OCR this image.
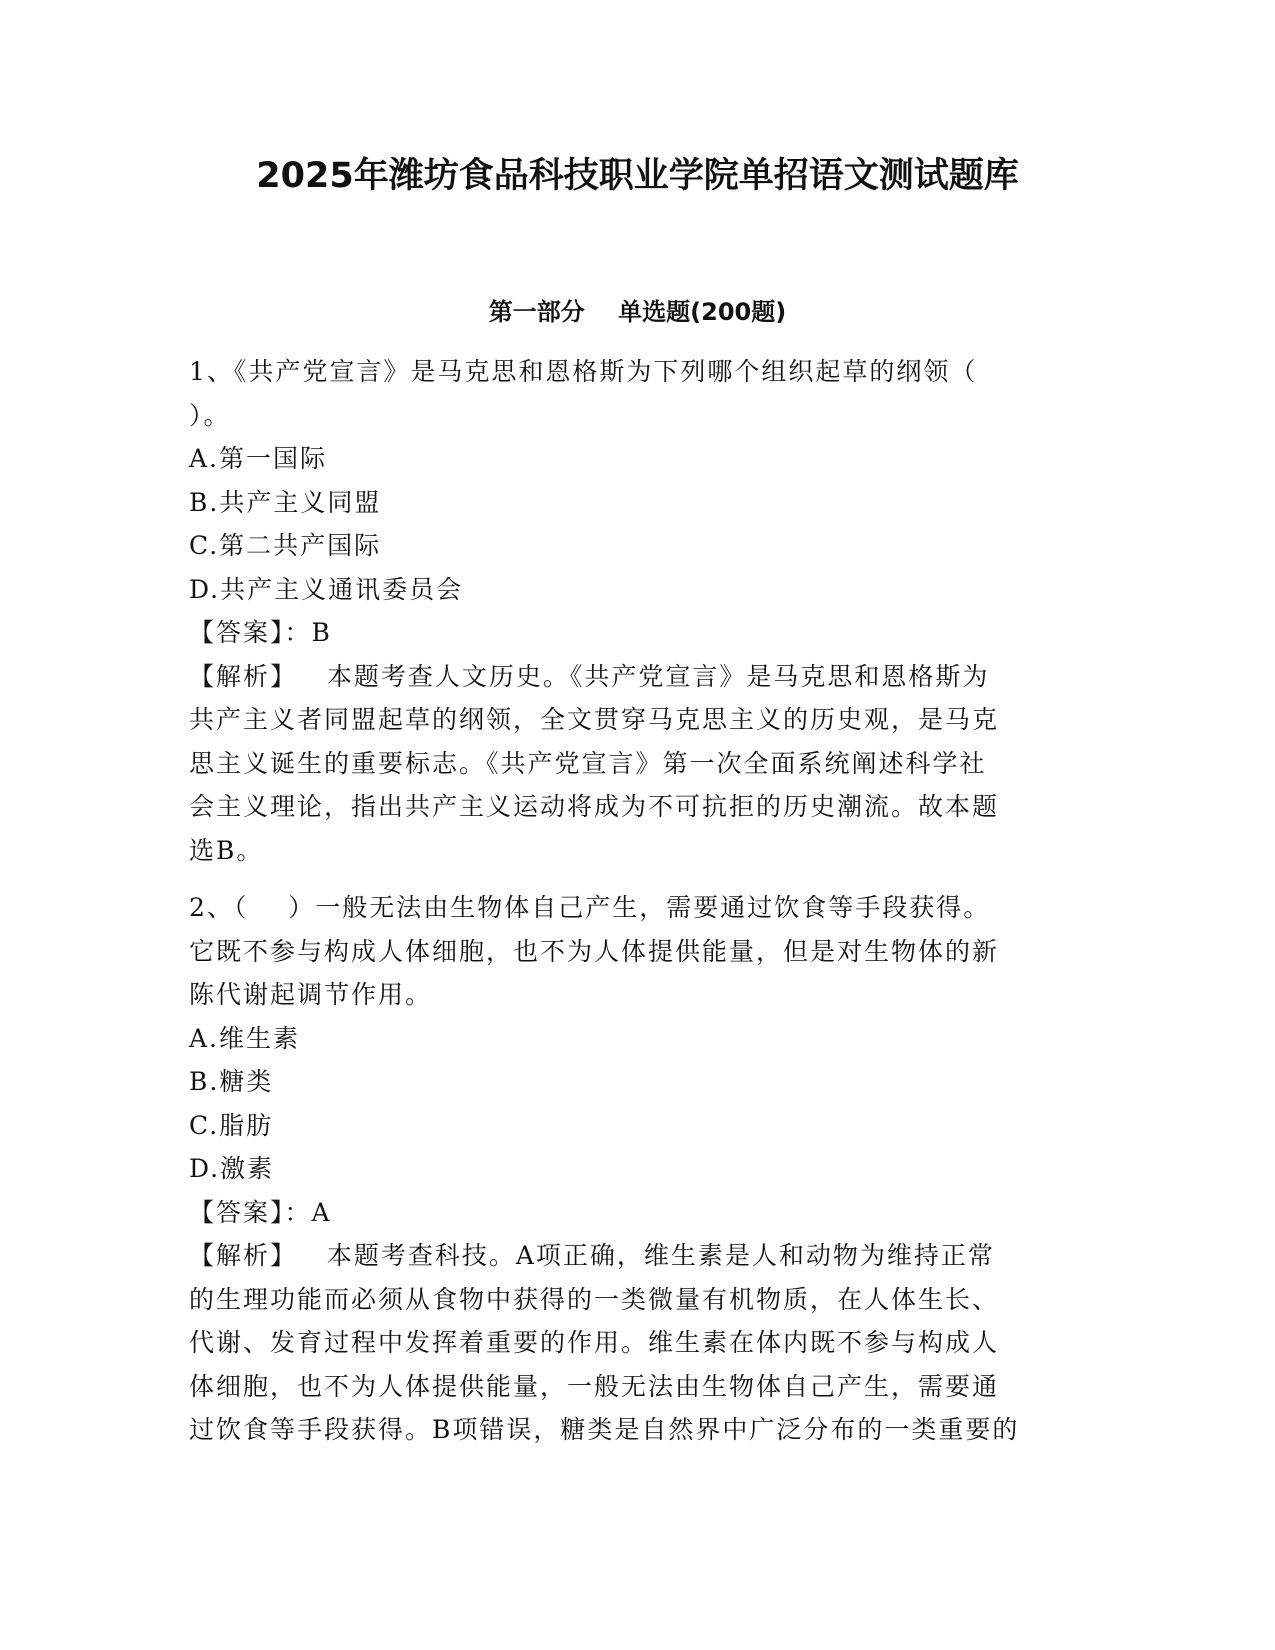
2025年潍坊食品科技职业学院单招语文测试题库
第一部分    单选题(200题)
1、《共产党宣言》是马克思和恩格斯为下列哪个组织起草的纲领（
）。
A.第一国际
B.共产主义同盟
C.第二共产国际
D.共产主义通讯委员会
【答案】：B
【解析】 本题考查人文历史。《共产党宣言》是马克思和恩格斯为
共产主义者同盟起草的纲领，全文贯穿马克思主义的历史观，是马克
思主义诞生的重要标志。《共产党宣言》第一次全面系统阐述科学社
会主义理论，指出共产主义运动将成为不可抗拒的历史潮流。故本题
选B。
2、（    ）一般无法由生物体自己产生，需要通过饮食等手段获得。
它既不参与构成人体细胞，也不为人体提供能量，但是对生物体的新
陈代谢起调节作用。
A.维生素
B.糖类
C.脂肪
D.激素
【答案】：A
【解析】 本题考查科技。A项正确，维生素是人和动物为维持正常
的生理功能而必须从食物中获得的一类微量有机物质，在人体生长、
代谢、发育过程中发挥着重要的作用。维生素在体内既不参与构成人
体细胞，也不为人体提供能量，一般无法由生物体自己产生，需要通
过饮食等手段获得。B项错误，糖类是自然界中广泛分布的一类重要的
